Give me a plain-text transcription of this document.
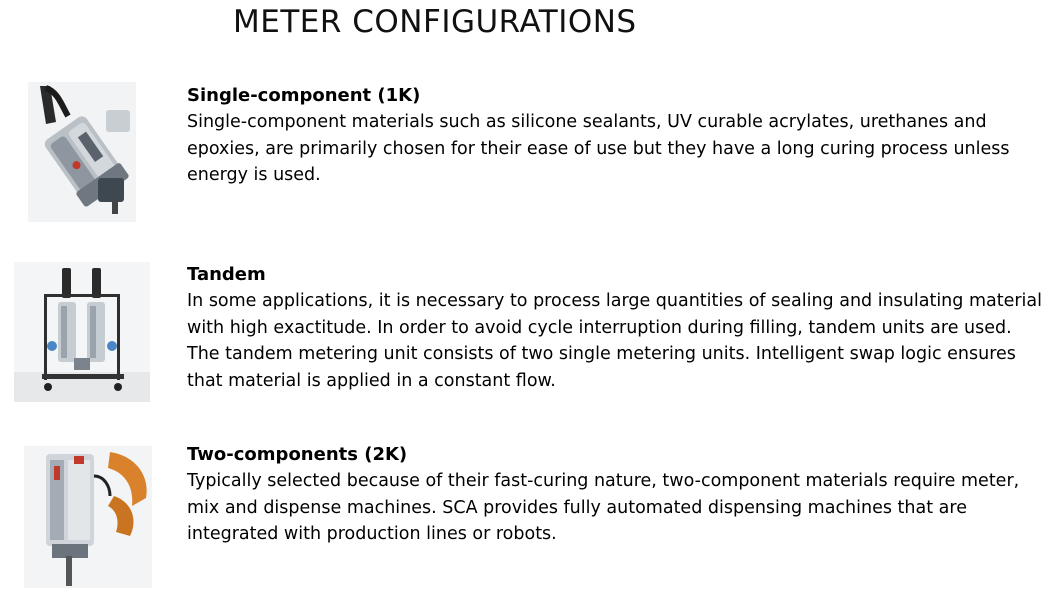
METER CONFIGURATIONS
Single-component (1K)

Single-component materials such as silicone sealants, UV curable acrylates, urethanes and epoxies, are primarily chosen for their ease of use but they have a long curing process unless energy is used.

Tandem

In some applications, it is necessary to process large quantities of sealing and insulating material with high exactitude. In order to avoid cycle interruption during filling, tandem units are used. The tandem metering unit consists of two single metering units. Intelligent swap logic ensures that material is applied in a constant flow.

Two-components (2K)

Typically selected because of their fast-curing nature, two-component materials require meter, mix and dispense machines. SCA provides fully automated dispensing machines that are integrated with production lines or robots.
